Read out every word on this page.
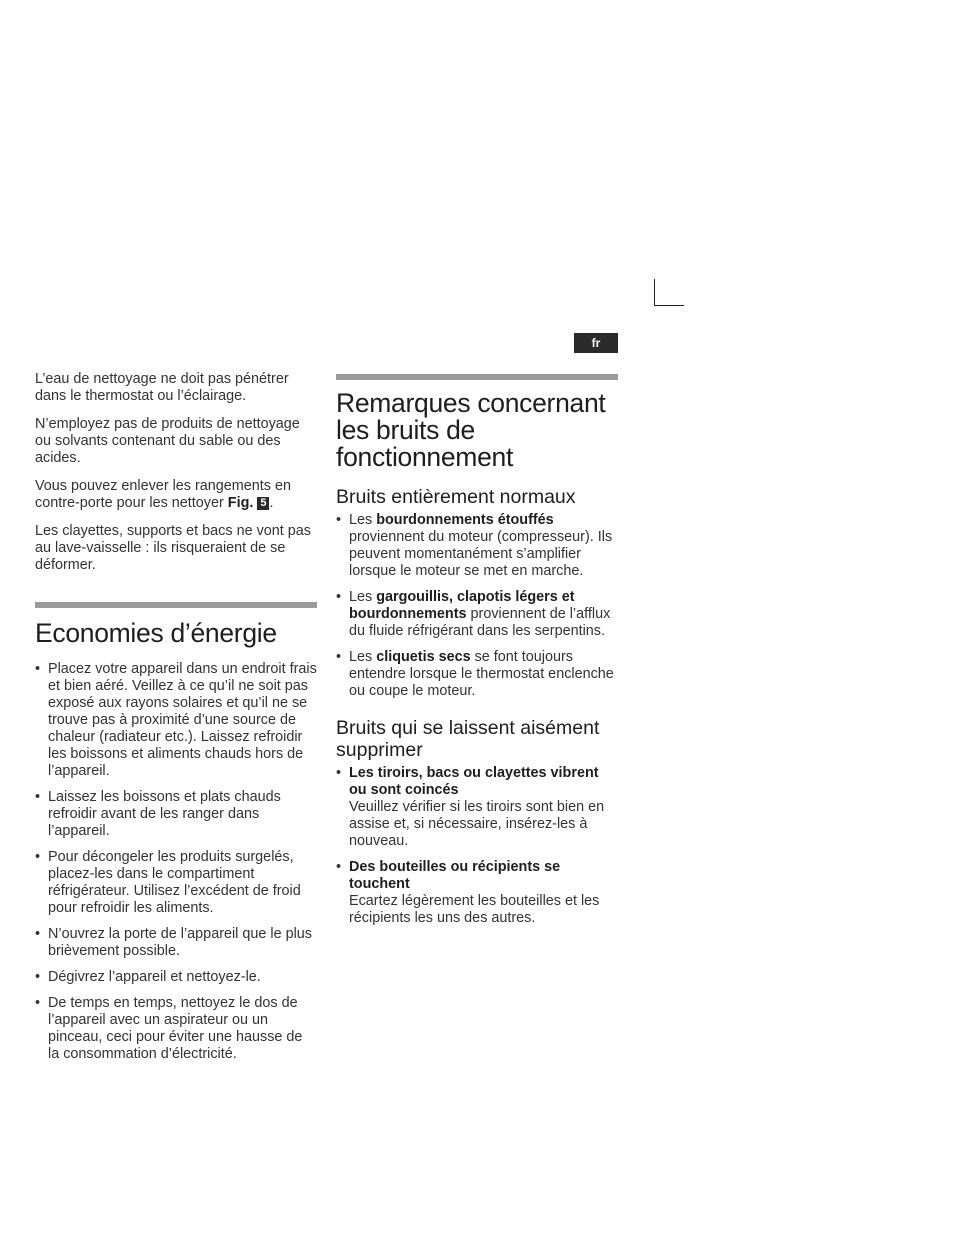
fr

L’eau de nettoyage ne doit pas pénétrer dans le thermostat ou l’éclairage.

N’employez pas de produits de nettoyage ou solvants contenant du sable ou des acides.

Vous pouvez enlever les rangements en contre-porte pour les nettoyer Fig. 5 .

Les clayettes, supports et bacs ne vont pas au lave-vaisselle : ils risqueraient de se déformer.

Economies d’énergie
• Placez votre appareil dans un endroit frais et bien aéré. Veillez à ce qu’il ne soit pas exposé aux rayons solaires et qu’il ne se trouve pas à proximité d’une source de chaleur (radiateur etc.). Laissez refroidir les boissons et aliments chauds hors de l’appareil.
• Laissez les boissons et plats chauds refroidir avant de les ranger dans l’appareil.
• Pour décongeler les produits surgelés, placez-les dans le compartiment réfrigérateur. Utilisez l’excédent de froid pour refroidir les aliments.
• N’ouvrez la porte de l’appareil que le plus brièvement possible.
• Dégivrez l’appareil et nettoyez-le.
• De temps en temps, nettoyez le dos de l’appareil avec un aspirateur ou un pinceau, ceci pour éviter une hausse de la consommation d’électricité.
Remarques concernant les bruits de fonctionnement
Bruits entièrement normaux
• Les bourdonnements étouffés proviennent du moteur (compresseur). Ils peuvent momentanément s’amplifier lorsque le moteur se met en marche.
• Les gargouillis, clapotis légers et bourdonnements proviennent de l’afflux du fluide réfrigérant dans les serpentins.
• Les cliquetis secs se font toujours entendre lorsque le thermostat enclenche ou coupe le moteur.
Bruits qui se laissent aisément supprimer
• Les tiroirs, bacs ou clayettes vibrent ou sont coincés
Veuillez vérifier si les tiroirs sont bien en assise et, si nécessaire, insérez-les à nouveau.
• Des bouteilles ou récipients se touchent
Ecartez légèrement les bouteilles et les récipients les uns des autres.
